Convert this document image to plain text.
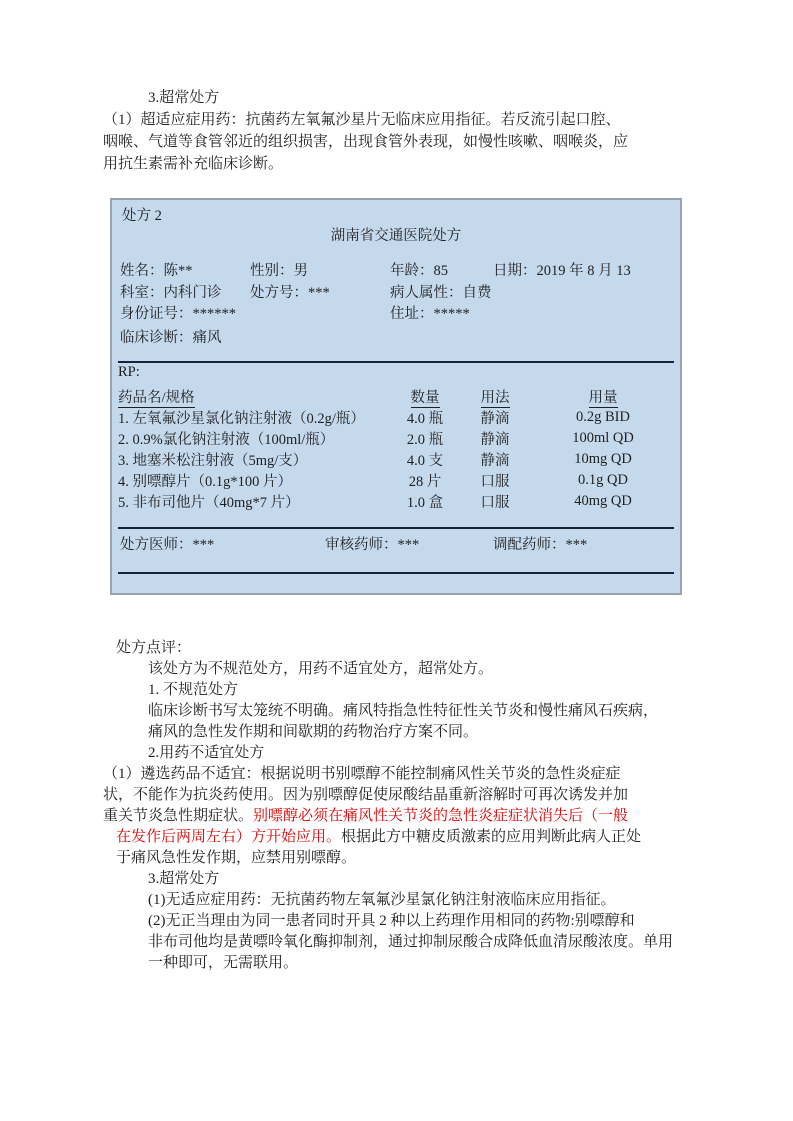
3.超常处方
（1）超适应症用药：抗菌药左氧氟沙星片无临床应用指征。若反流引起口腔、
咽喉、气道等食管邻近的组织损害，出现食管外表现，如慢性咳嗽、咽喉炎，应
用抗生素需补充临床诊断。
处方 2
湖南省交通医院处方
姓名：陈**	性别：男	年龄：85	日期：2019 年 8 月 13
科室：内科门诊 处方号：***	病人属性：自费
身份证号：******	住址：*****
临床诊断：痛风
RP:
药品名/规格	数量	用法	用量
1. 左氧氟沙星氯化钠注射液（0.2g/瓶）	4.0 瓶	静滴	0.2g BID
2. 0.9%氯化钠注射液（100ml/瓶）	2.0 瓶	静滴	100ml QD
3. 地塞米松注射液（5mg/支）	4.0 支	静滴	10mg QD
4. 别嘌醇片（0.1g*100 片）	28 片	口服	0.1g QD
5. 非布司他片（40mg*7 片）	1.0 盒	口服	40mg QD
处方医师：***	审核药师：***	调配药师：***
处方点评：
该处方为不规范处方，用药不适宜处方，超常处方。
1. 不规范处方
临床诊断书写太笼统不明确。痛风特指急性特征性关节炎和慢性痛风石疾病，
痛风的急性发作期和间歇期的药物治疗方案不同。
2.用药不适宜处方
（1）遴选药品不适宜：根据说明书别嘌醇不能控制痛风性关节炎的急性炎症症
状，不能作为抗炎药使用。因为别嘌醇促使尿酸结晶重新溶解时可再次诱发并加
重关节炎急性期症状。别嘌醇必须在痛风性关节炎的急性炎症症状消失后（一般
在发作后两周左右）方开始应用。根据此方中糖皮质激素的应用判断此病人正处
于痛风急性发作期，应禁用别嘌醇。
3.超常处方
(1)无适应症用药：无抗菌药物左氧氟沙星氯化钠注射液临床应用指征。
(2)无正当理由为同一患者同时开具 2 种以上药理作用相同的药物:别嘌醇和
非布司他均是黄嘌呤氧化酶抑制剂，通过抑制尿酸合成降低血清尿酸浓度。单用
一种即可，无需联用。
